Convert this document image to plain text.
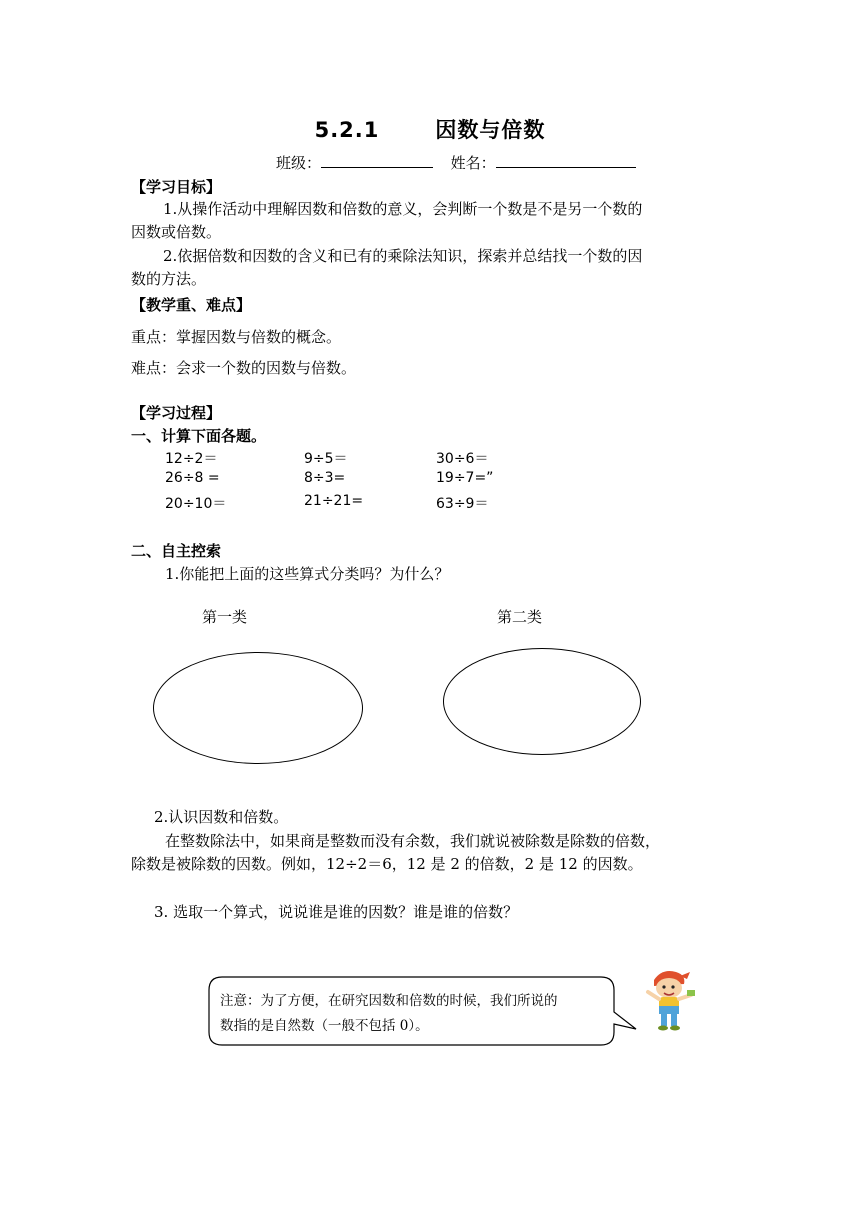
5.2.1	因数与倍数
班级：	姓名：
【学习目标】
1.从操作活动中理解因数和倍数的意义，会判断一个数是不是另一个数的
因数或倍数。
2.依据倍数和因数的含义和已有的乘除法知识，探索并总结找一个数的因
数的方法。
【教学重、难点】
重点：掌握因数与倍数的概念。
难点：会求一个数的因数与倍数。
【学习过程】
一、计算下面各题。
12÷2＝	9÷5＝	30÷6＝
26÷8 =	8÷3=	19÷7=”
20÷10＝	21÷21=	63÷9＝
二、自主控索
1.你能把上面的这些算式分类吗？为什么？
第一类	第二类
2.认识因数和倍数。
在整数除法中，如果商是整数而没有余数，我们就说被除数是除数的倍数，
除数是被除数的因数。例如，12÷2＝6，12 是 2 的倍数，2 是 12 的因数。
3. 选取一个算式，说说谁是谁的因数？谁是谁的倍数？
注意：为了方便，在研究因数和倍数的时候，我们所说的
数指的是自然数（一般不包括 0）。
